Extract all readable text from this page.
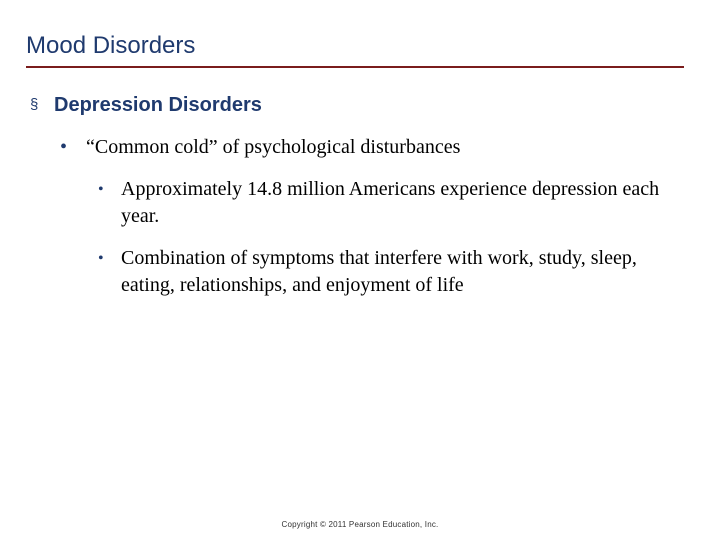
Mood Disorders
§ Depression Disorders
• “Common cold” of psychological disturbances
• Approximately 14.8 million Americans experience depression each year.
• Combination of symptoms that interfere with work, study, sleep, eating, relationships, and enjoyment of life
Copyright © 2011 Pearson Education, Inc.
